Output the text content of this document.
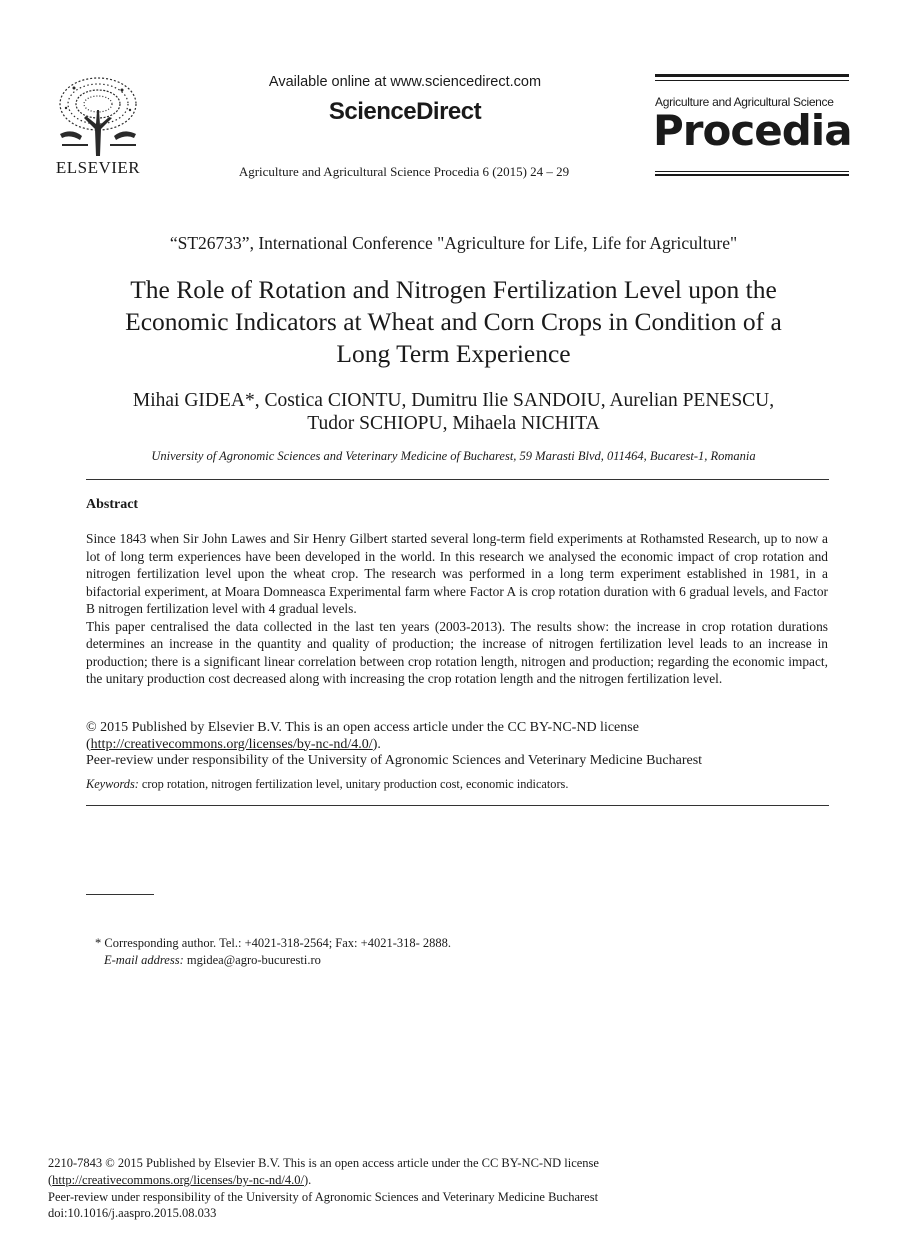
ELSEVIER
Available online at www.sciencedirect.com
ScienceDirect
Agriculture and Agricultural Science Procedia 6 (2015) 24 – 29
Agriculture and Agricultural Science
Procedia
“ST26733”, International Conference "Agriculture for Life, Life for Agriculture"
The Role of Rotation and Nitrogen Fertilization Level upon the
Economic Indicators at Wheat and Corn Crops in Condition of a
Long Term Experience
Mihai GIDEA*, Costica CIONTU, Dumitru Ilie SANDOIU, Aurelian PENESCU,
Tudor SCHIOPU, Mihaela NICHITA
University of Agronomic Sciences and Veterinary Medicine of Bucharest, 59 Marasti Blvd, 011464, Bucarest-1, Romania
Abstract

Since 1843 when Sir John Lawes and Sir Henry Gilbert started several long-term field experiments at Rothamsted Research, up to now a lot of long term experiences have been developed in the world. In this research we analysed the economic impact of crop rotation and nitrogen fertilization level upon the wheat crop. The research was performed in a long term experiment established in 1981, in a bifactorial experiment, at Moara Domneasca Experimental farm where Factor A is crop rotation duration with 6 gradual levels, and Factor B nitrogen fertilization level with 4 gradual levels.

This paper centralised the data collected in the last ten years (2003-2013). The results show: the increase in crop rotation durations determines an increase in the quantity and quality of production; the increase of nitrogen fertilization level leads to an increase in production; there is a significant linear correlation between crop rotation length, nitrogen and production; regarding the economic impact, the unitary production cost decreased along with increasing the crop rotation length and the nitrogen fertilization level.

© 2015 Published by Elsevier B.V. This is an open access article under the CC BY-NC-ND license
(http://creativecommons.org/licenses/by-nc-nd/4.0/).
Peer-review under responsibility of the University of Agronomic Sciences and Veterinary Medicine Bucharest
Keywords: crop rotation, nitrogen fertilization level, unitary production cost, economic indicators.
* Corresponding author. Tel.: +4021-318-2564; Fax: +4021-318- 2888.
E-mail address: mgidea@agro-bucuresti.ro
2210-7843 © 2015 Published by Elsevier B.V. This is an open access article under the CC BY-NC-ND license
(http://creativecommons.org/licenses/by-nc-nd/4.0/).
Peer-review under responsibility of the University of Agronomic Sciences and Veterinary Medicine Bucharest
doi:10.1016/j.aaspro.2015.08.033
